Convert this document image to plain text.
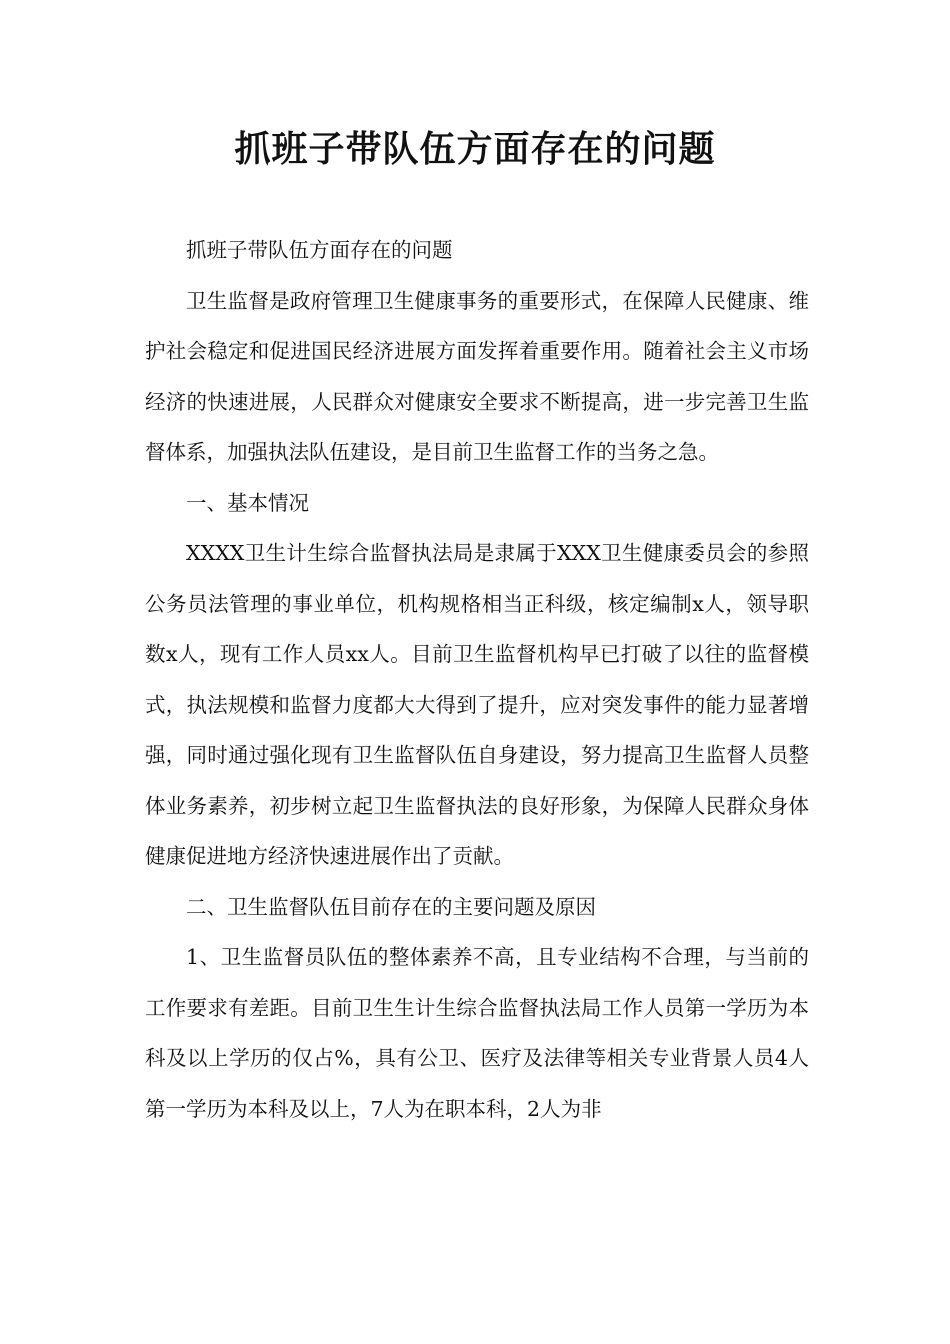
抓班子带队伍方面存在的问题

抓班子带队伍方面存在的问题

卫生监督是政府管理卫生健康事务的重要形式，在保障人民健康、维护社会稳定和促进国民经济进展方面发挥着重要作用。随着社会主义市场经济的快速进展，人民群众对健康安全要求不断提高，进一步完善卫生监督体系，加强执法队伍建设，是目前卫生监督工作的当务之急。

一、基本情况

XXXX卫生计生综合监督执法局是隶属于XXX卫生健康委员会的参照公务员法管理的事业单位，机构规格相当正科级，核定编制x人，领导职数x人，现有工作人员xx人。目前卫生监督机构早已打破了以往的监督模式，执法规模和监督力度都大大得到了提升，应对突发事件的能力显著增强，同时通过强化现有卫生监督队伍自身建设，努力提高卫生监督人员整体业务素养，初步树立起卫生监督执法的良好形象，为保障人民群众身体健康促进地方经济快速进展作出了贡献。

二、卫生监督队伍目前存在的主要问题及原因

1、卫生监督员队伍的整体素养不高，且专业结构不合理，与当前的工作要求有差距。目前卫生生计生综合监督执法局工作人员第一学历为本科及以上学历的仅占%，具有公卫、医疗及法律等相关专业背景人员4人第一学历为本科及以上，7人为在职本科，2人为非
